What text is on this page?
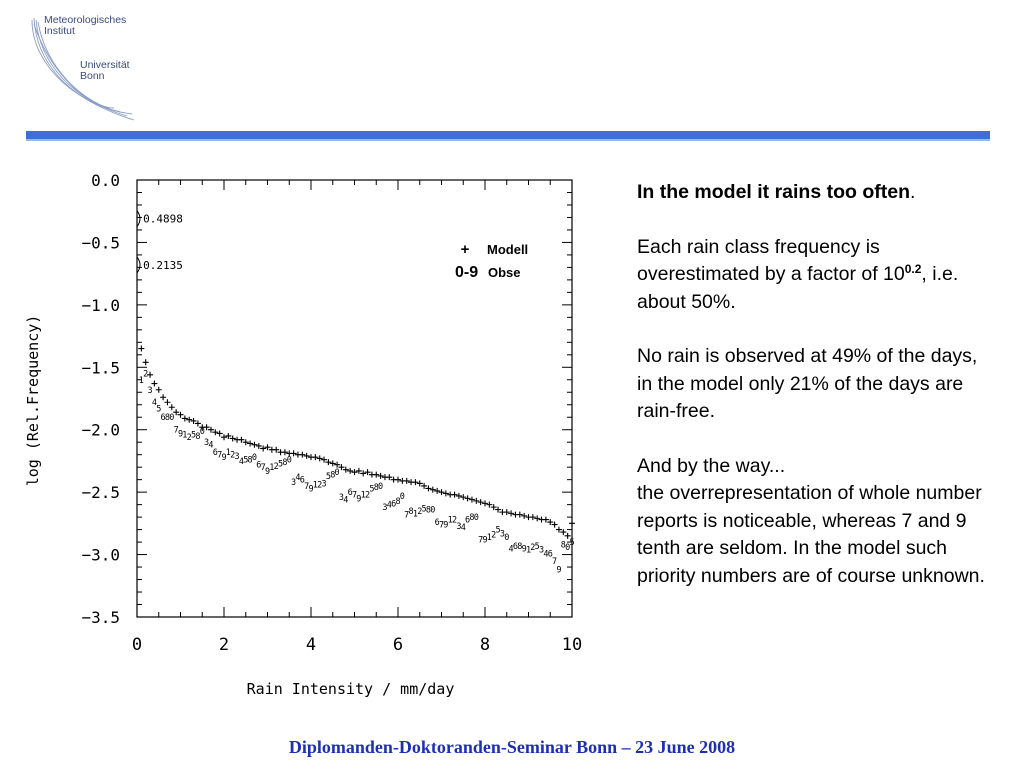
Meteorologisches
Institut
Universität
Bonn
0	2	4	6	8	10
0.0
−0.5
−1.0
−1.5
−2.0
−2.5
−3.0
−3.5
Rain Intensity / mm/day
log (Rel.Frequency)
0.4898
0.2135
+ Modell
0-9 Obse
1
2
3
4
5
6 8 0
7 9 1 2 5 8 0
3 4
6 7 9 1 2 3 4 5 8 0
6 7 9 1 2 5 8 0
3 4 6
7 9 1 2 3
5 8 0
3 4
6 7 9 1 2
5 8 0
3 4 6 8 0
7 8 1 2 5 8 0
6 7 9 1 2
3 4
6 8 0
7 9 1 2 5 3 0
4 6 8 9 1 2 5 3 4 6
7
9
8 0 5

In the model it rains too often.

Each rain class frequency is overestimated by a factor of $10^{0.2}$, i.e. about 50%.

No rain is observed at 49% of the days, in the model only 21% of the days are rain-free.

And by the way...
the overrepresentation of whole number reports is noticeable, whereas 7 and 9 tenth are seldom. In the model such priority numbers are of course unknown.

Diplomanden-Doktoranden-Seminar Bonn – 23 June 2008
